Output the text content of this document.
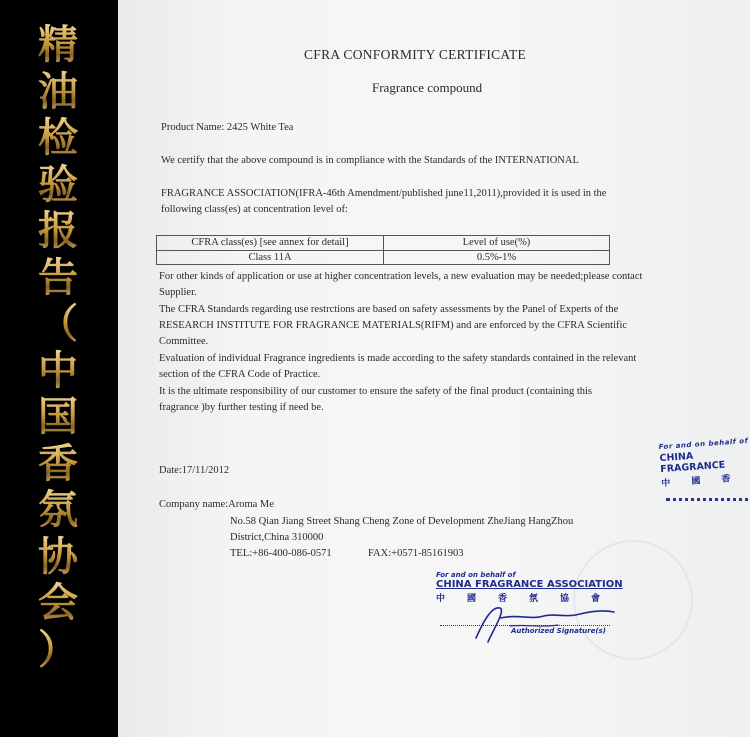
精
油
检
验
报
告
（
中
国
香
氛
协
会
）
CFRA CONFORMITY CERTIFICATE
Fragrance compound
Product Name: 2425 White Tea
We certify that the above compound is in compliance with the Standards of the INTERNATIONAL
FRAGRANCE ASSOCIATION(IFRA-46th Amendment/published june11,2011),provided it is used in the
following class(es) at concentration level of:
CFRA class(es) [see annex for detail]	Level of use(%)
Class 11A	0.5%-1%
For other kinds of application or use at higher concentration levels, a new evaluation may be needed;please contact
Supplier.
The CFRA Standards regarding use restrctions are based on safety assessments by the Panel of Experts of the
RESEARCH INSTITUTE FOR FRAGRANCE MATERIALS(RIFM) and are enforced by the CFRA Scientific
Committee.
Evaluation of individual Fragrance ingredients is made according to the safety standards contained in the relevant
section of the CFRA Code of Practice.
It is the ultimate responsibility of our customer to ensure the safety of the final product (containing this
fragrance )by further testing if need be.
Date:17/11/2012
Company name:Aroma Me
No.58 Qian Jiang Street Shang Cheng Zone of Development ZheJiang HangZhou
District,China 310000
TEL:+86-400-086-0571	FAX:+0571-85161903
For and on behalf of
CHINA FRAGRANCE
中 國 香
For and on behalf of
CHINA FRAGRANCE ASSOCIATION
中國香氛協會
Authorized Signature(s)
